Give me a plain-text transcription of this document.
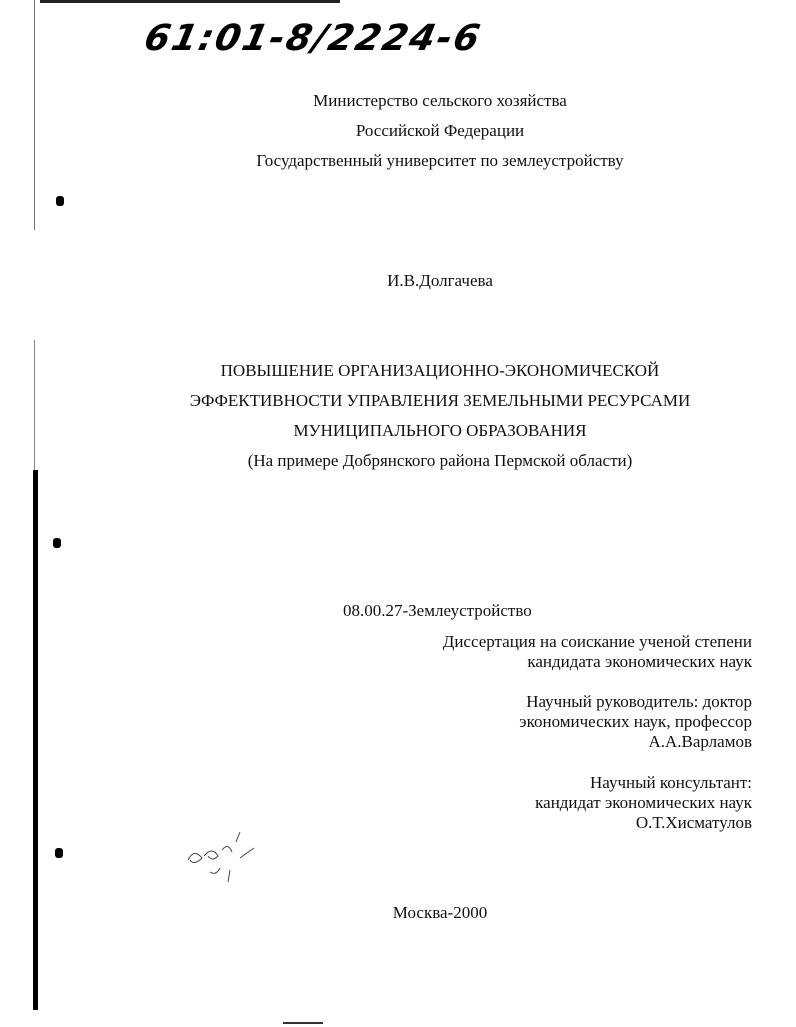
61:01-8/2224-6
Министерство сельского хозяйства
Российской Федерации
Государственный университет по землеустройству
И.В.Долгачева
ПОВЫШЕНИЕ ОРГАНИЗАЦИОННО-ЭКОНОМИЧЕСКОЙ
ЭФФЕКТИВНОСТИ УПРАВЛЕНИЯ ЗЕМЕЛЬНЫМИ РЕСУРСАМИ
МУНИЦИПАЛЬНОГО ОБРАЗОВАНИЯ
(На примере Добрянского района Пермской области)
08.00.27-Землеустройство
Диссертация на соискание ученой степени
кандидата экономических наук
Научный руководитель: доктор
экономических наук, профессор
А.А.Варламов
Научный консультант:
кандидат экономических наук
О.Т.Хисматулов
Москва-2000
